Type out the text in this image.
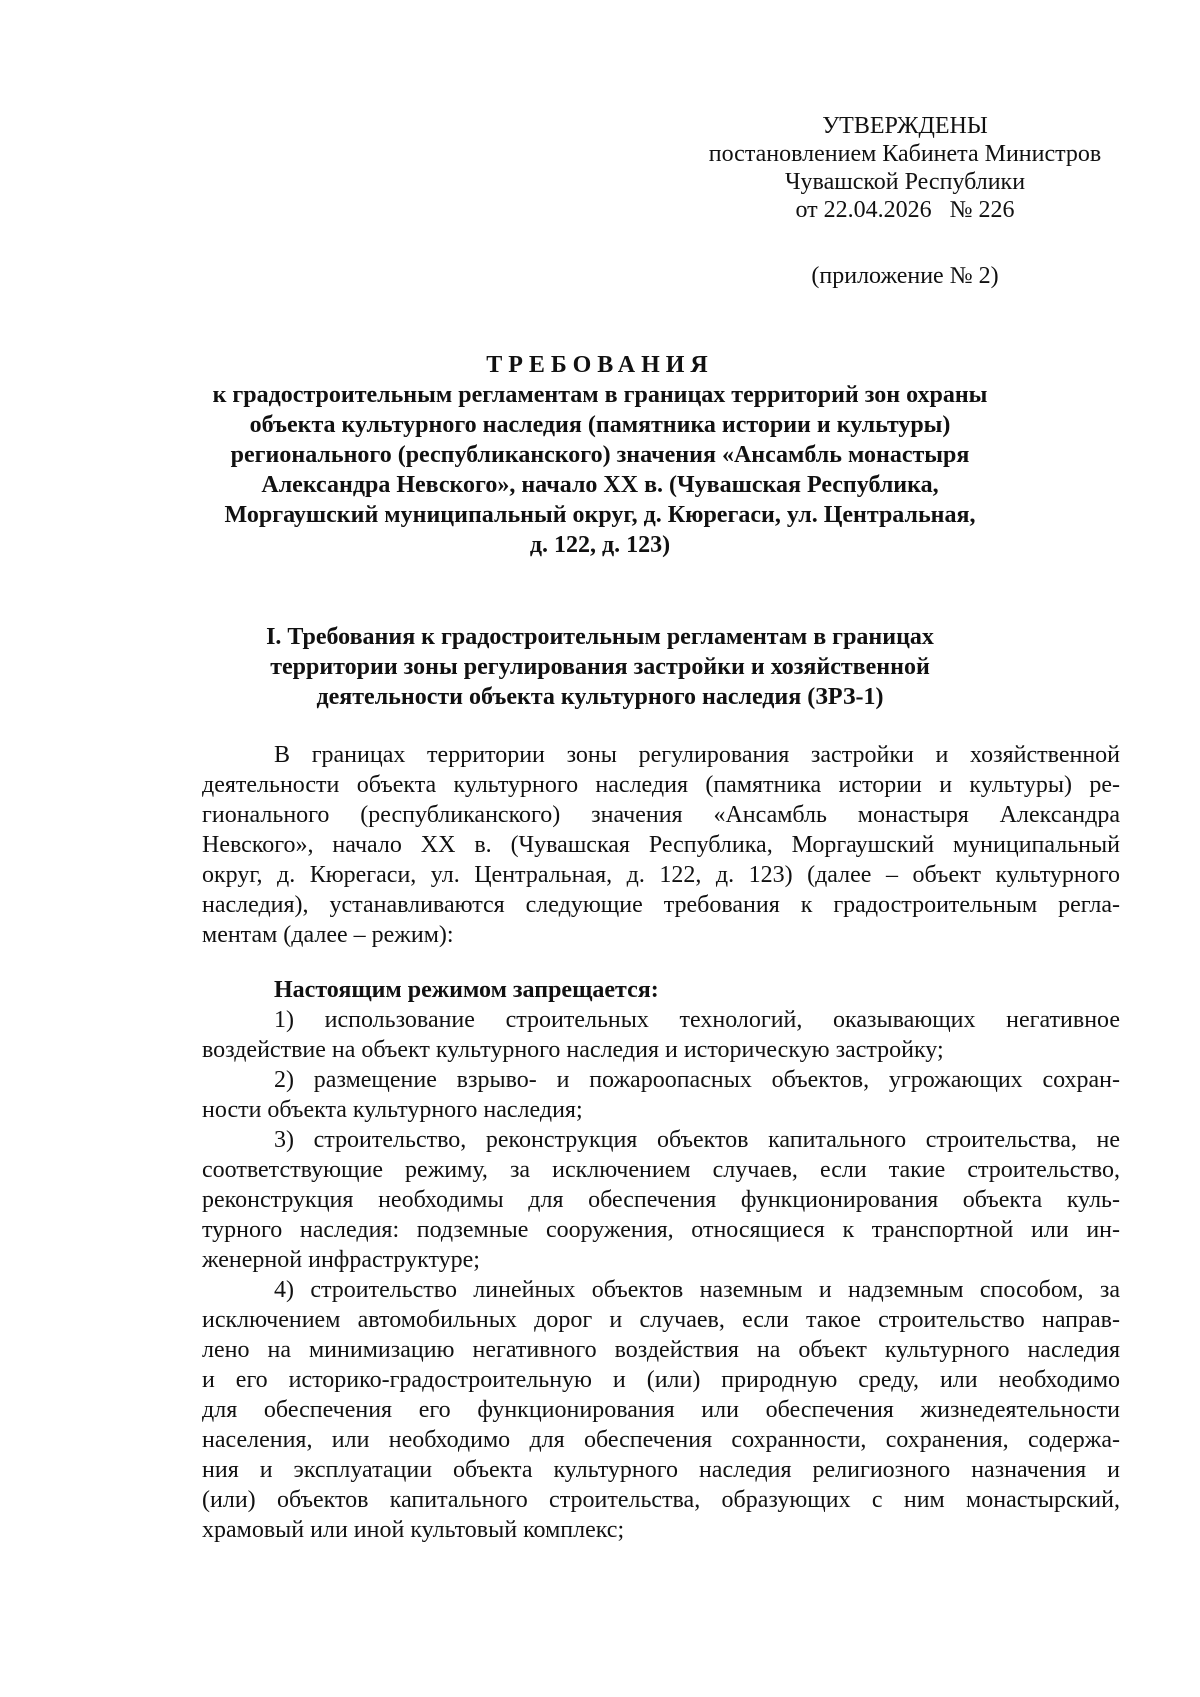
УТВЕРЖДЕНЫ
постановлением Кабинета Министров
Чувашской Республики
от 22.04.2026   № 226
(приложение № 2)
ТРЕБОВАНИЯ
к градостроительным регламентам в границах территорий зон охраны
объекта культурного наследия (памятника истории и культуры)
регионального (республиканского) значения «Ансамбль монастыря
Александра Невского», начало XX в. (Чувашская Республика,
Моргаушский муниципальный округ, д. Кюрегаси, ул. Центральная,
д. 122, д. 123)
I. Требования к градостроительным регламентам в границах
территории зоны регулирования застройки и хозяйственной
деятельности объекта культурного наследия (ЗРЗ-1)

В границах территории зоны регулирования застройки и хозяйственной
деятельности объекта культурного наследия (памятника истории и культуры) ре-
гионального (республиканского) значения «Ансамбль монастыря Александра
Невского», начало XX в. (Чувашская Республика, Моргаушский муниципальный
округ, д. Кюрегаси, ул. Центральная, д. 122, д. 123) (далее – объект культурного
наследия), устанавливаются следующие требования к градостроительным регла-
ментам (далее – режим):

Настоящим режимом запрещается:

1) использование строительных технологий, оказывающих негативное
воздействие на объект культурного наследия и историческую застройку;

2) размещение взрыво- и пожароопасных объектов, угрожающих сохран-
ности объекта культурного наследия;

3) строительство, реконструкция объектов капитального строительства, не
соответствующие режиму, за исключением случаев, если такие строительство,
реконструкция необходимы для обеспечения функционирования объекта куль-
турного наследия: подземные сооружения, относящиеся к транспортной или ин-
женерной инфраструктуре;

4) строительство линейных объектов наземным и надземным способом, за
исключением автомобильных дорог и случаев, если такое строительство направ-
лено на минимизацию негативного воздействия на объект культурного наследия
и его историко-градостроительную и (или) природную среду, или необходимо
для обеспечения его функционирования или обеспечения жизнедеятельности
населения, или необходимо для обеспечения сохранности, сохранения, содержа-
ния и эксплуатации объекта культурного наследия религиозного назначения и
(или) объектов капитального строительства, образующих с ним монастырский,
храмовый или иной культовый комплекс;
